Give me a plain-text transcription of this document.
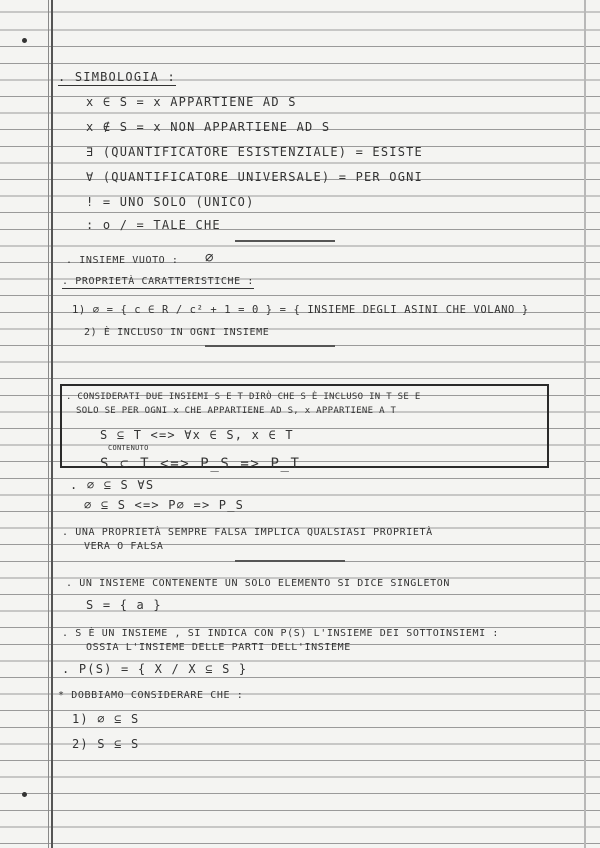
. SIMBOLOGIA :
x ∈ S = x APPARTIENE AD S
x ∉ S = x NON APPARTIENE AD S
∃ (QUANTIFICATORE ESISTENZIALE) = ESISTE
∀ (QUANTIFICATORE UNIVERSALE) = PER OGNI
! = UNO SOLO (UNICO)
: o / = TALE CHE
. INSIEME VUOTO : ∅
. PROPRIETÀ CARATTERISTICHE :
1) ∅ = { c ∈ R / c² + 1 = 0 } = { INSIEME DEGLI ASINI CHE VOLANO }
2) È INCLUSO IN OGNI INSIEME
. CONSIDERATI DUE INSIEMI S E T DIRÒ CHE S È INCLUSO IN T SE E
SOLO SE PER OGNI x CHE APPARTIENE AD S, x APPARTIENE A T
S ⊆ T <=> ∀x ∈ S, x ∈ T
CONTENUTO
S ⊂ T <=> P_S => P_T
. ∅ ⊆ S ∀S
∅ ⊆ S <=> P∅ => P_S
. UNA PROPRIETÀ SEMPRE FALSA IMPLICA QUALSIASI PROPRIETÀ
VERA O FALSA
. UN INSIEME CONTENENTE UN SOLO ELEMENTO SI DICE SINGLETON
S = { a }
. S È UN INSIEME , SI INDICA CON P(S) L'INSIEME DEI SOTTOINSIEMI :
OSSIA L'INSIEME DELLE PARTI DELL'INSIEME
. P(S) = { X / X ⊆ S }
* DOBBIAMO CONSIDERARE CHE :
1) ∅ ⊆ S
2) S ⊆ S
